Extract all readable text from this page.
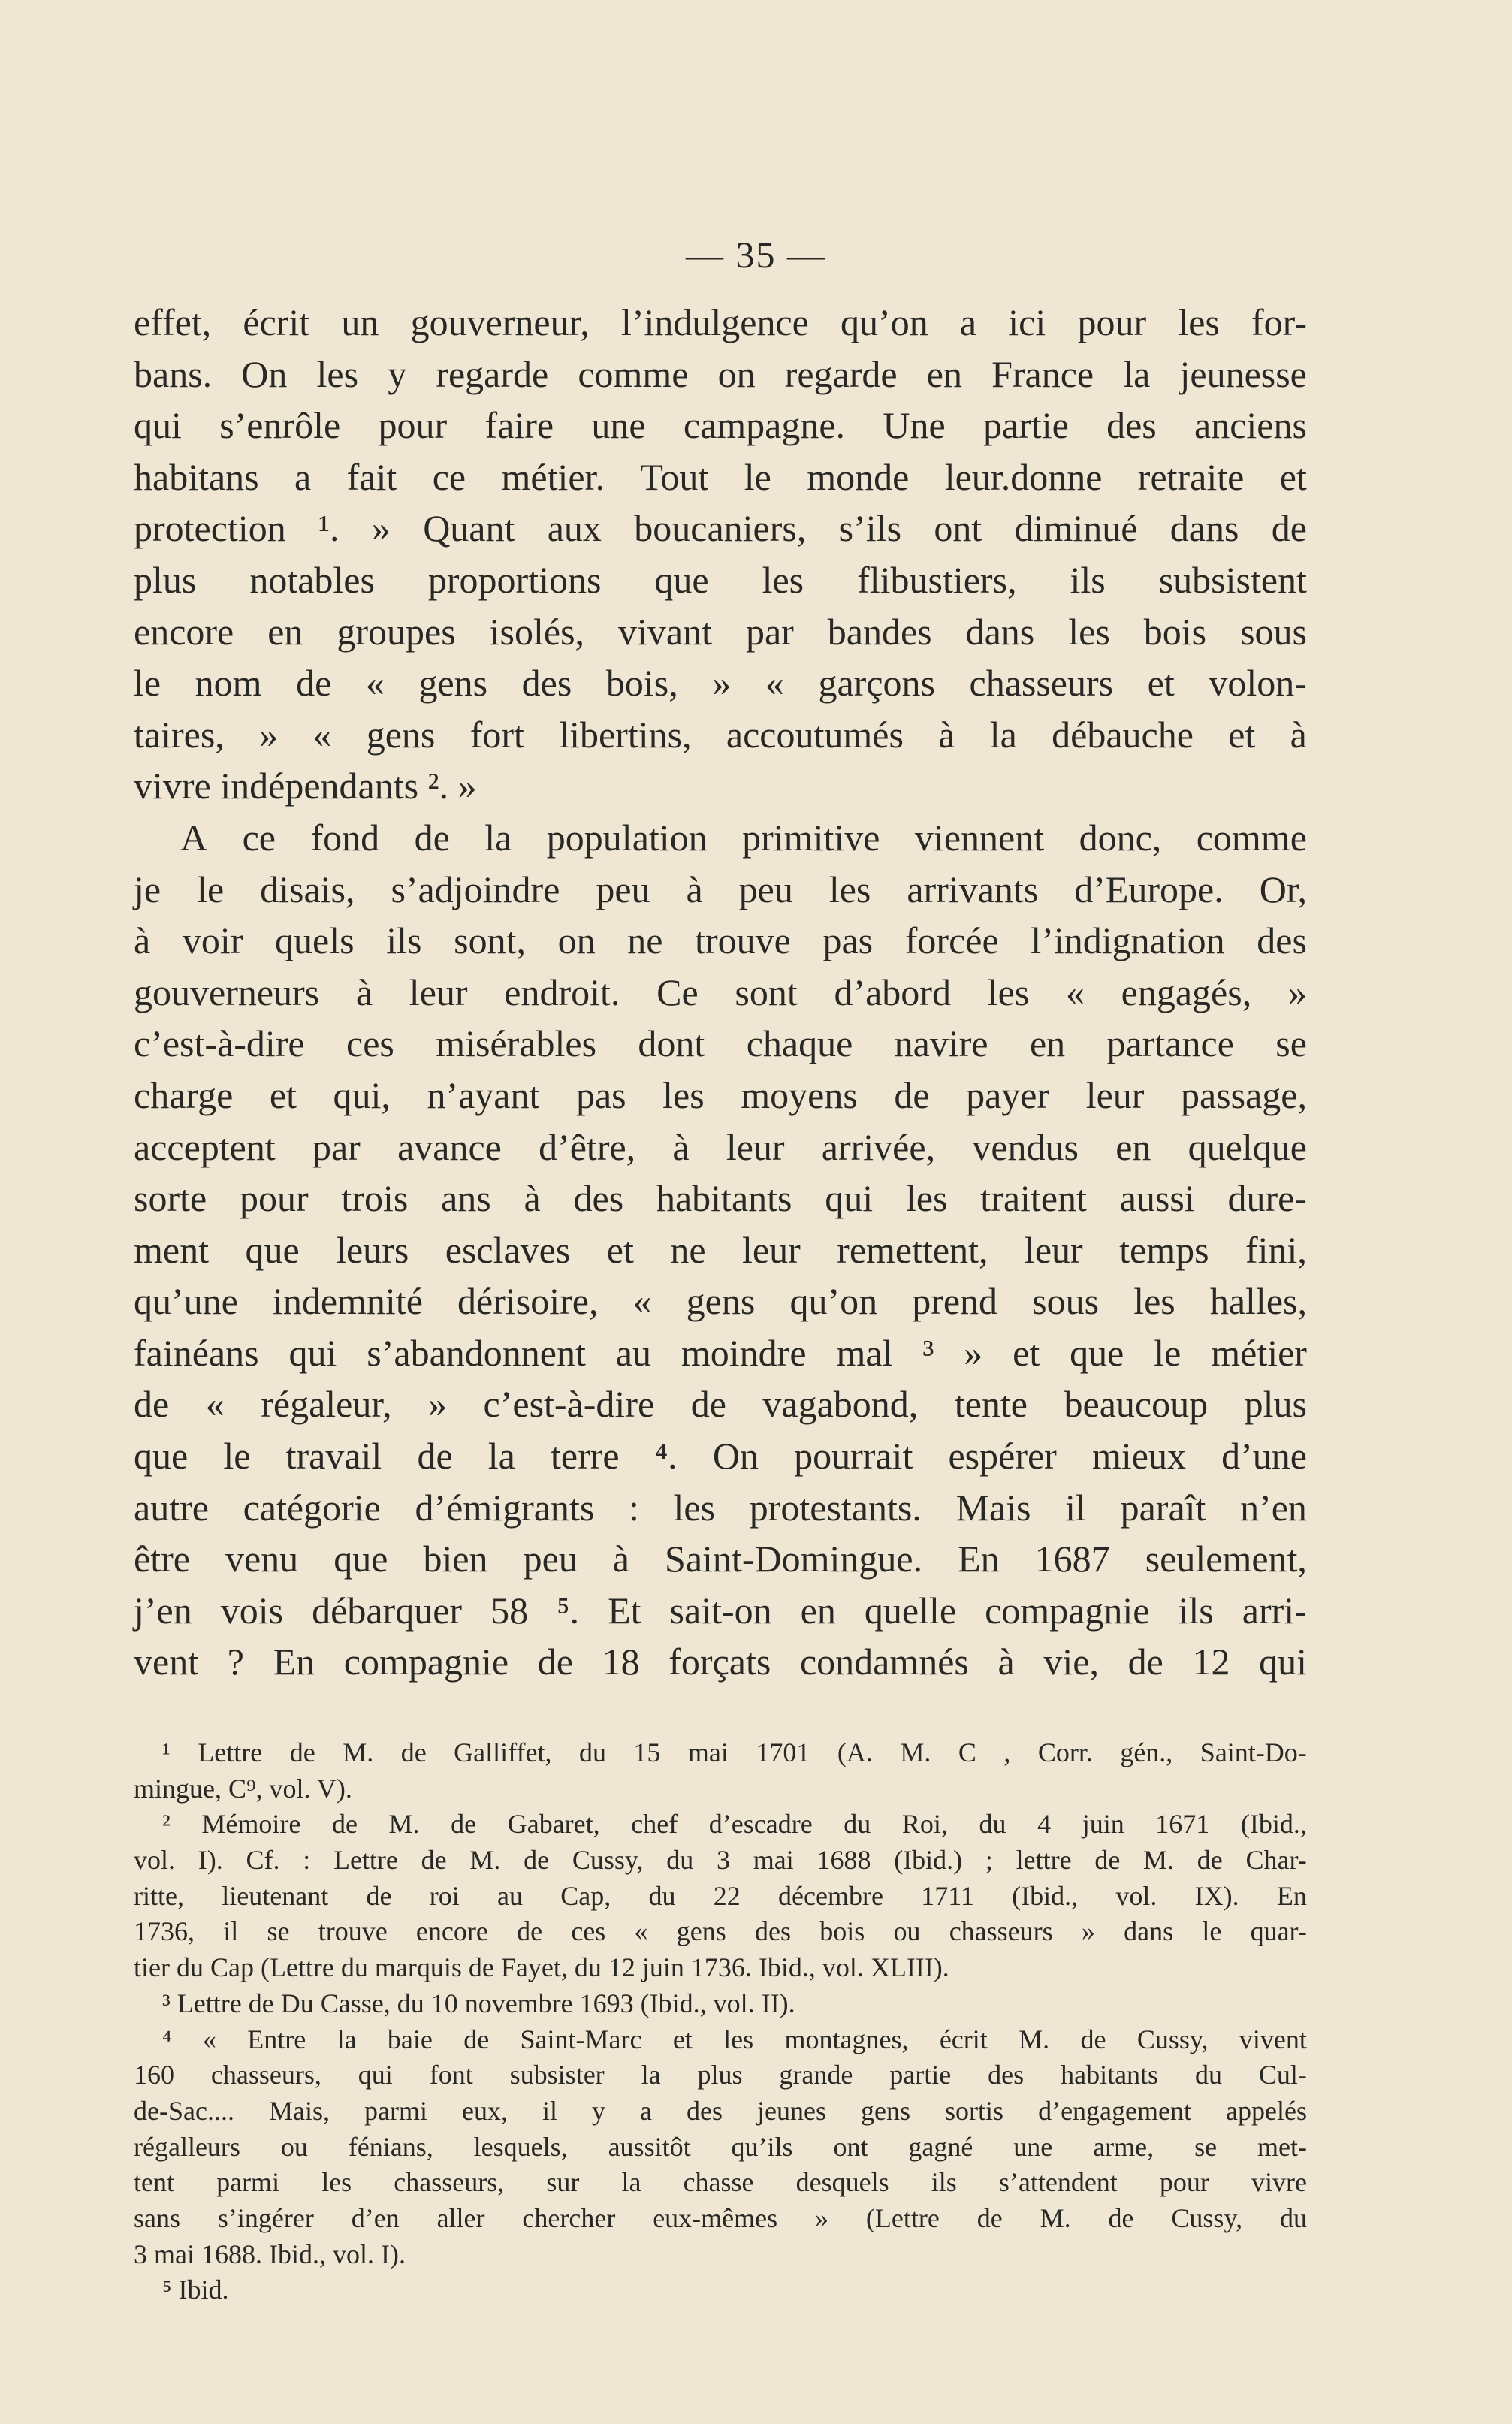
— 35 —
effet, écrit un gouverneur, l’indulgence qu’on a ici pour les for-
bans. On les y regarde comme on regarde en France la jeunesse
qui s’enrôle pour faire une campagne. Une partie des anciens
habitans a fait ce métier. Tout le monde leur.donne retraite et
protection ¹. » Quant aux boucaniers, s’ils ont diminué dans de
plus notables proportions que les flibustiers, ils subsistent
encore en groupes isolés, vivant par bandes dans les bois sous
le nom de « gens des bois, » « garçons chasseurs et volon-
taires, » « gens fort libertins, accoutumés à la débauche et à
vivre indépendants ². »
A ce fond de la population primitive viennent donc, comme
je le disais, s’adjoindre peu à peu les arrivants d’Europe. Or,
à voir quels ils sont, on ne trouve pas forcée l’indignation des
gouverneurs à leur endroit. Ce sont d’abord les « engagés, »
c’est-à-dire ces misérables dont chaque navire en partance se
charge et qui, n’ayant pas les moyens de payer leur passage,
acceptent par avance d’être, à leur arrivée, vendus en quelque
sorte pour trois ans à des habitants qui les traitent aussi dure-
ment que leurs esclaves et ne leur remettent, leur temps fini,
qu’une indemnité dérisoire, « gens qu’on prend sous les halles,
fainéans qui s’abandonnent au moindre mal ³ » et que le métier
de « régaleur, » c’est-à-dire de vagabond, tente beaucoup plus
que le travail de la terre ⁴. On pourrait espérer mieux d’une
autre catégorie d’émigrants : les protestants. Mais il paraît n’en
être venu que bien peu à Saint-Domingue. En 1687 seulement,
j’en vois débarquer 58 ⁵. Et sait-on en quelle compagnie ils arri-
vent ? En compagnie de 18 forçats condamnés à vie, de 12 qui
¹ Lettre de M. de Galliffet, du 15 mai 1701 (A. M. C , Corr. gén., Saint-Do-
mingue, C⁹, vol. V).
² Mémoire de M. de Gabaret, chef d’escadre du Roi, du 4 juin 1671 (Ibid.,
vol. I). Cf. : Lettre de M. de Cussy, du 3 mai 1688 (Ibid.) ; lettre de M. de Char-
ritte, lieutenant de roi au Cap, du 22 décembre 1711 (Ibid., vol. IX). En
1736, il se trouve encore de ces « gens des bois ou chasseurs » dans le quar-
tier du Cap (Lettre du marquis de Fayet, du 12 juin 1736. Ibid., vol. XLIII).
³ Lettre de Du Casse, du 10 novembre 1693 (Ibid., vol. II).
⁴ « Entre la baie de Saint-Marc et les montagnes, écrit M. de Cussy, vivent
160 chasseurs, qui font subsister la plus grande partie des habitants du Cul-
de-Sac.... Mais, parmi eux, il y a des jeunes gens sortis d’engagement appelés
régalleurs ou fénians, lesquels, aussitôt qu’ils ont gagné une arme, se met-
tent parmi les chasseurs, sur la chasse desquels ils s’attendent pour vivre
sans s’ingérer d’en aller chercher eux-mêmes » (Lettre de M. de Cussy, du
3 mai 1688. Ibid., vol. I).
⁵ Ibid.
